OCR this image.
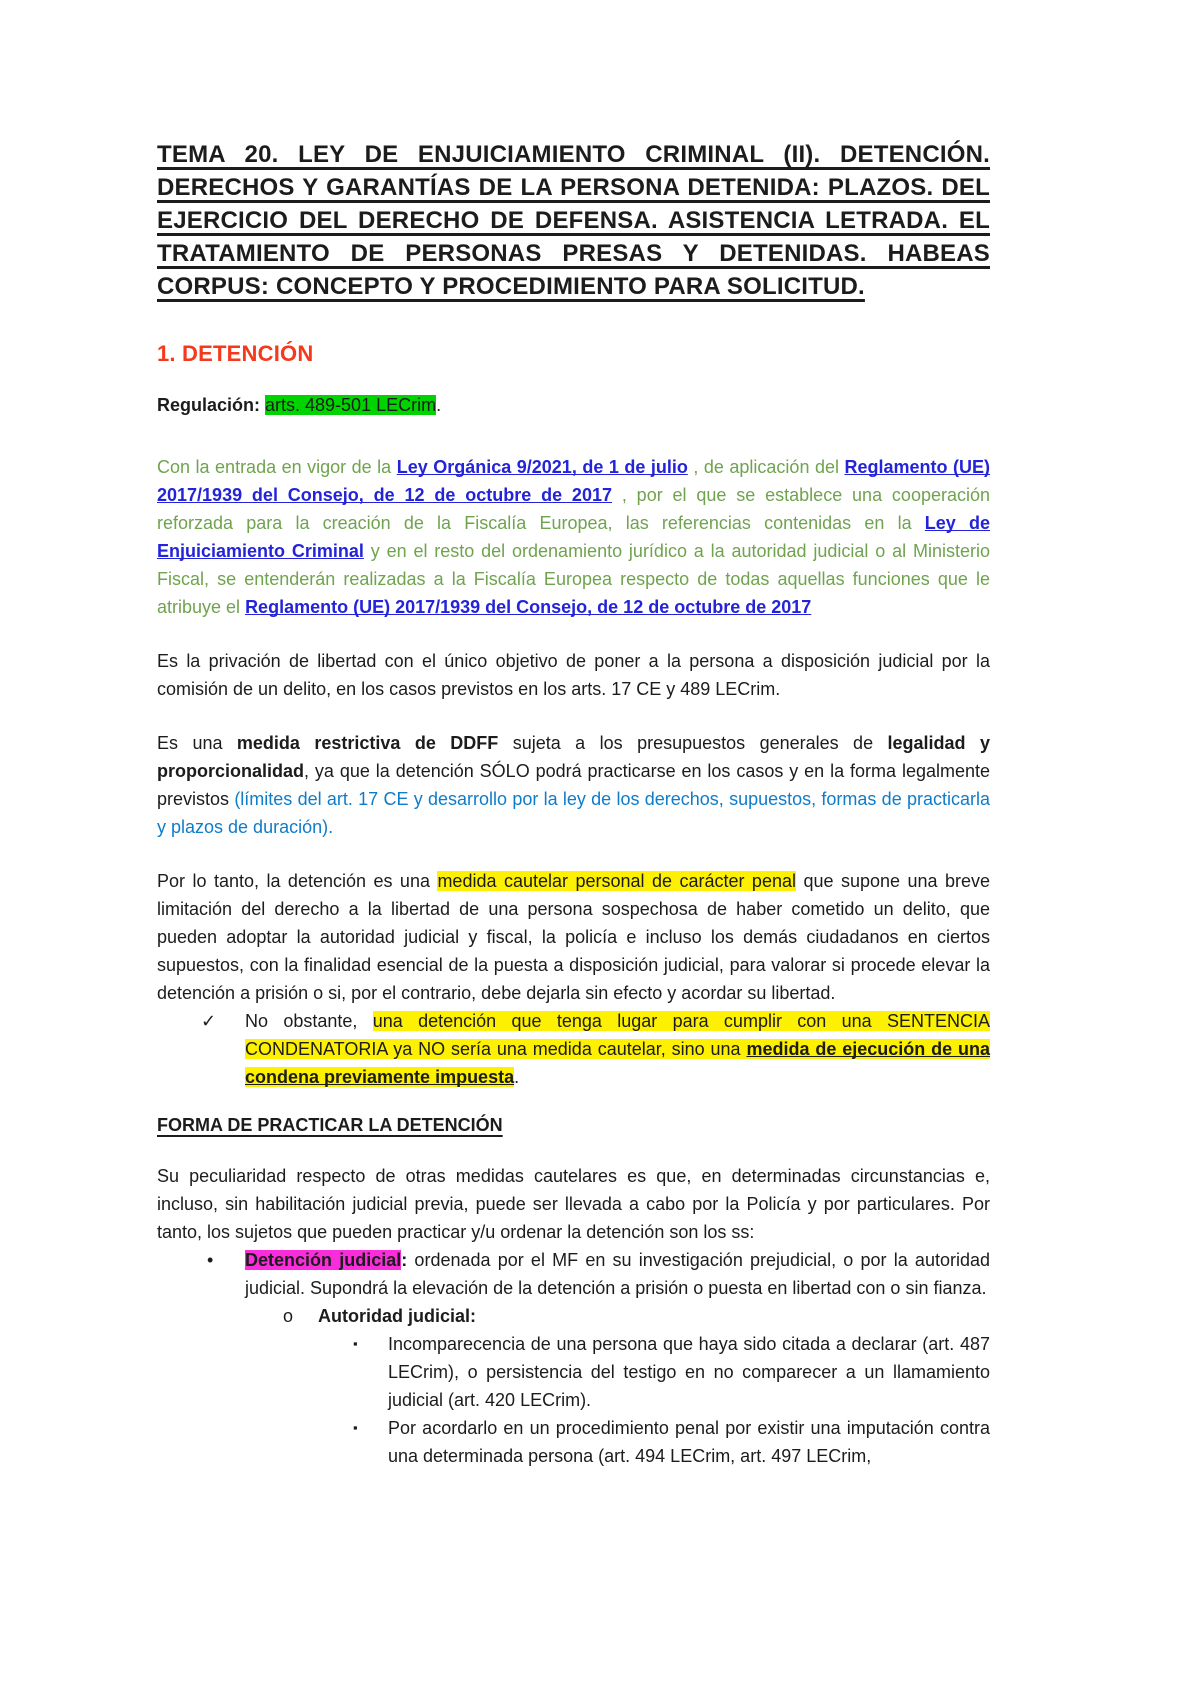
TEMA 20. LEY DE ENJUICIAMIENTO CRIMINAL (II). DETENCIÓN. DERECHOS Y GARANTÍAS DE LA PERSONA DETENIDA: PLAZOS. DEL EJERCICIO DEL DERECHO DE DEFENSA. ASISTENCIA LETRADA. EL TRATAMIENTO DE PERSONAS PRESAS Y DETENIDAS. HABEAS CORPUS: CONCEPTO Y PROCEDIMIENTO PARA SOLICITUD.
1. DETENCIÓN
Regulación: arts. 489-501 LECrim.
Con la entrada en vigor de la Ley Orgánica 9/2021, de 1 de julio , de aplicación del Reglamento (UE) 2017/1939 del Consejo, de 12 de octubre de 2017 , por el que se establece una cooperación reforzada para la creación de la Fiscalía Europea, las referencias contenidas en la Ley de Enjuiciamiento Criminal y en el resto del ordenamiento jurídico a la autoridad judicial o al Ministerio Fiscal, se entenderán realizadas a la Fiscalía Europea respecto de todas aquellas funciones que le atribuye el Reglamento (UE) 2017/1939 del Consejo, de 12 de octubre de 2017
Es la privación de libertad con el único objetivo de poner a la persona a disposición judicial por la comisión de un delito, en los casos previstos en los arts. 17 CE y 489 LECrim.
Es una medida restrictiva de DDFF sujeta a los presupuestos generales de legalidad y proporcionalidad, ya que la detención SÓLO podrá practicarse en los casos y en la forma legalmente previstos (límites del art. 17 CE y desarrollo por la ley de los derechos, supuestos, formas de practicarla y plazos de duración).
Por lo tanto, la detención es una medida cautelar personal de carácter penal que supone una breve limitación del derecho a la libertad de una persona sospechosa de haber cometido un delito, que pueden adoptar la autoridad judicial y fiscal, la policía e incluso los demás ciudadanos en ciertos supuestos, con la finalidad esencial de la puesta a disposición judicial, para valorar si procede elevar la detención a prisión o si, por el contrario, debe dejarla sin efecto y acordar su libertad.
✓ No obstante, una detención que tenga lugar para cumplir con una SENTENCIA CONDENATORIA ya NO sería una medida cautelar, sino una medida de ejecución de una condena previamente impuesta.
FORMA DE PRACTICAR LA DETENCIÓN
Su peculiaridad respecto de otras medidas cautelares es que, en determinadas circunstancias e, incluso, sin habilitación judicial previa, puede ser llevada a cabo por la Policía y por particulares. Por tanto, los sujetos que pueden practicar y/u ordenar la detención son los ss:
• Detención judicial: ordenada por el MF en su investigación prejudicial, o por la autoridad judicial. Supondrá la elevación de la detención a prisión o puesta en libertad con o sin fianza.
o Autoridad judicial:
▪ Incomparecencia de una persona que haya sido citada a declarar (art. 487 LECrim), o persistencia del testigo en no comparecer a un llamamiento judicial (art. 420 LECrim).
▪ Por acordarlo en un procedimiento penal por existir una imputación contra una determinada persona (art. 494 LECrim, art. 497 LECrim,
